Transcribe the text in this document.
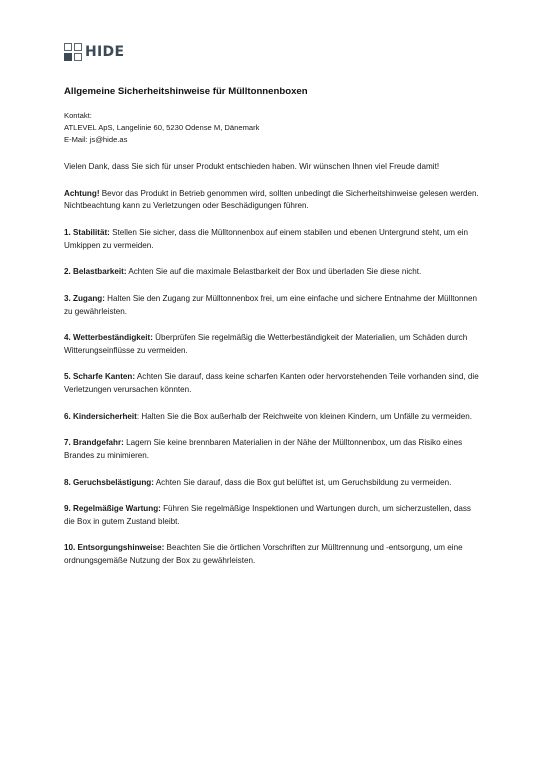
HIDE
Allgemeine Sicherheitshinweise für Mülltonnenboxen

Kontakt:

ATLEVEL ApS, Langelinie 60, 5230 Odense M, Dänemark

E-Mail: js@hide.as

Vielen Dank, dass Sie sich für unser Produkt entschieden haben. Wir wünschen Ihnen viel Freude damit!

Achtung! Bevor das Produkt in Betrieb genommen wird, sollten unbedingt die Sicherheitshinweise gelesen werden. Nichtbeachtung kann zu Verletzungen oder Beschädigungen führen.

1. Stabilität: Stellen Sie sicher, dass die Mülltonnenbox auf einem stabilen und ebenen Untergrund steht, um ein Umkippen zu vermeiden.

2. Belastbarkeit: Achten Sie auf die maximale Belastbarkeit der Box und überladen Sie diese nicht.

3. Zugang: Halten Sie den Zugang zur Mülltonnenbox frei, um eine einfache und sichere Entnahme der Mülltonnen zu gewährleisten.

4. Wetterbeständigkeit: Überprüfen Sie regelmäßig die Wetterbeständigkeit der Materialien, um Schäden durch Witterungseinflüsse zu vermeiden.

5. Scharfe Kanten: Achten Sie darauf, dass keine scharfen Kanten oder hervorstehenden Teile vorhanden sind, die Verletzungen verursachen könnten.

6. Kindersicherheit: Halten Sie die Box außerhalb der Reichweite von kleinen Kindern, um Unfälle zu vermeiden.

7. Brandgefahr: Lagern Sie keine brennbaren Materialien in der Nähe der Mülltonnenbox, um das Risiko eines Brandes zu minimieren.

8. Geruchsbelästigung: Achten Sie darauf, dass die Box gut belüftet ist, um Geruchsbildung zu vermeiden.

9. Regelmäßige Wartung: Führen Sie regelmäßige Inspektionen und Wartungen durch, um sicherzustellen, dass die Box in gutem Zustand bleibt.

10. Entsorgungshinweise: Beachten Sie die örtlichen Vorschriften zur Mülltrennung und -entsorgung, um eine ordnungsgemäße Nutzung der Box zu gewährleisten.
